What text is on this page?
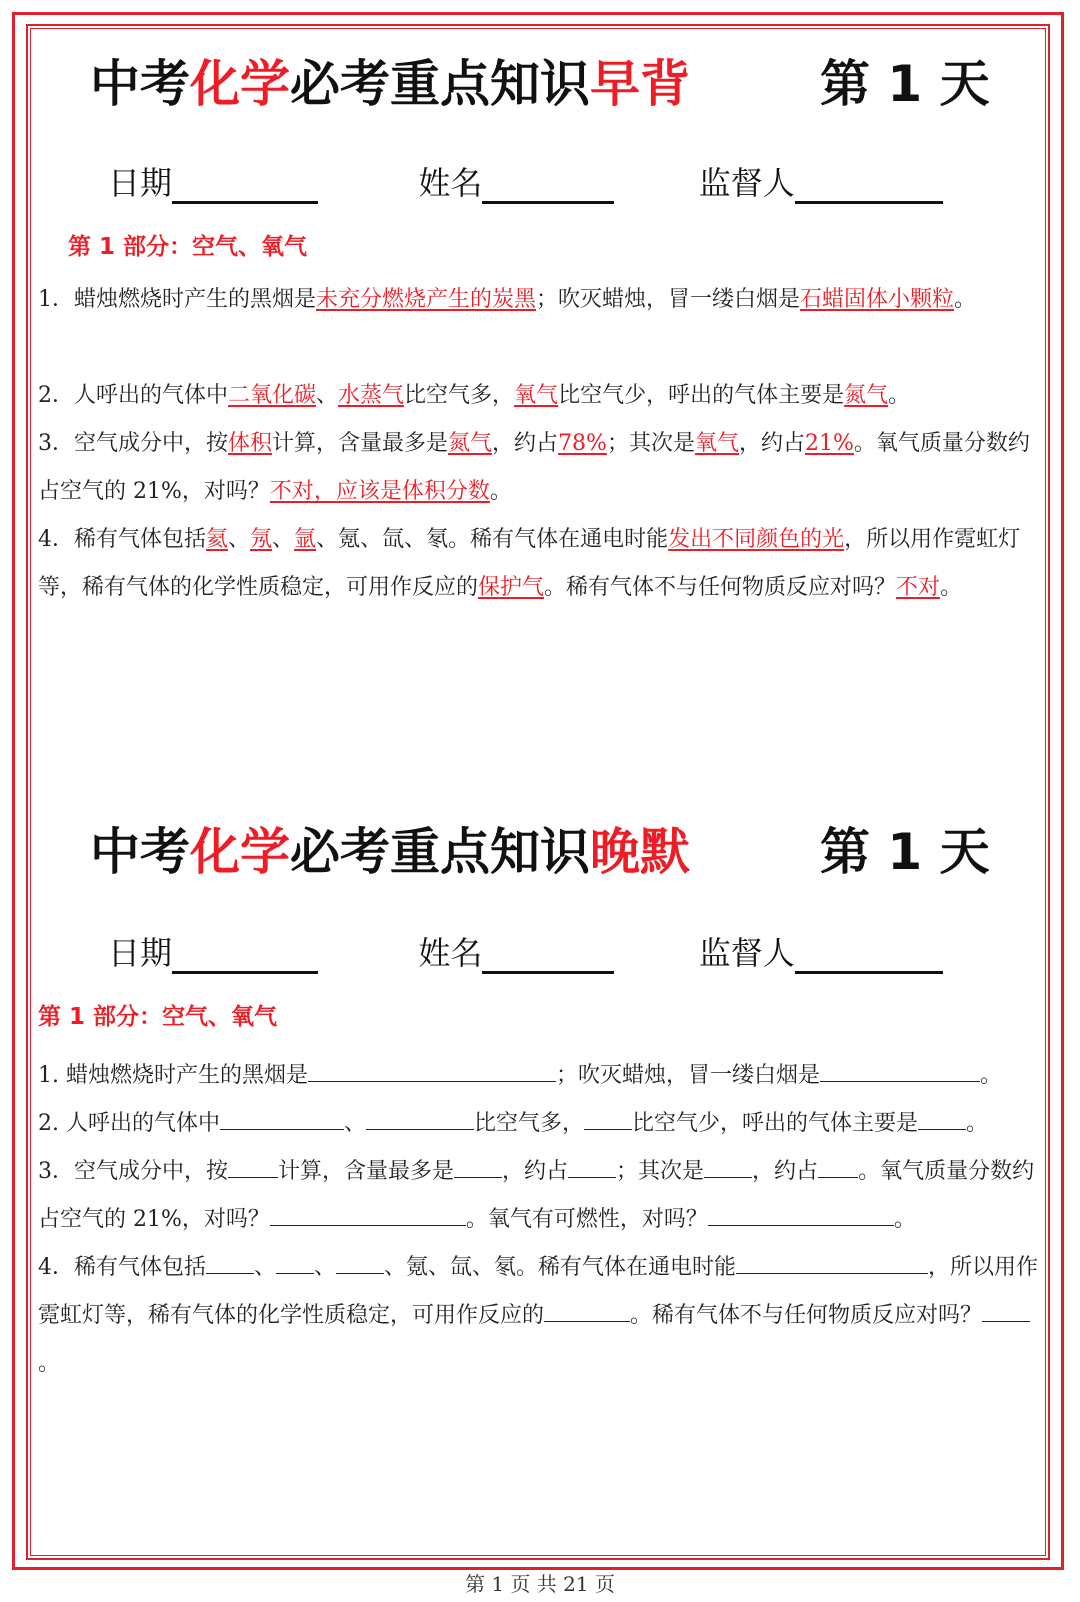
中考化学必考重点知识早背	第 1 天
日期	姓名	监督人
第 1 部分：空气、氧气
1．蜡烛燃烧时产生的黑烟是未充分燃烧产生的炭黑；吹灭蜡烛，冒一缕白烟是石蜡固体小颗粒。
2．人呼出的气体中二氧化碳、水蒸气比空气多，氧气比空气少，呼出的气体主要是氮气。
3．空气成分中，按体积计算，含量最多是氮气，约占78%；其次是氧气，约占21%。氧气质量分数约占空气的 21%，对吗？不对，应该是体积分数。
4．稀有气体包括氦、氖、氩、氪、氙、氡。稀有气体在通电时能发出不同颜色的光，所以用作霓虹灯等，稀有气体的化学性质稳定，可用作反应的保护气。稀有气体不与任何物质反应对吗？不对。
中考化学必考重点知识晚默	第 1 天
日期	姓名	监督人
第 1 部分：空气、氧气
1. 蜡烛燃烧时产生的黑烟是	；吹灭蜡烛，冒一缕白烟是	。
2. 人呼出的气体中	、	比空气多， 比空气少，呼出的气体主要是 。
3．空气成分中，按 计算，含量最多是 ，约占 ；其次是 ，约占 。氧气质量分数约占空气的 21%，对吗？	。氧气有可燃性，对吗？	。
4．稀有气体包括 、 、 、氪、氙、氡。稀有气体在通电时能	，所以用作霓虹灯等，稀有气体的化学性质稳定，可用作反应的	。稀有气体不与任何物质反应对吗？。
第 1 页 共 21 页
